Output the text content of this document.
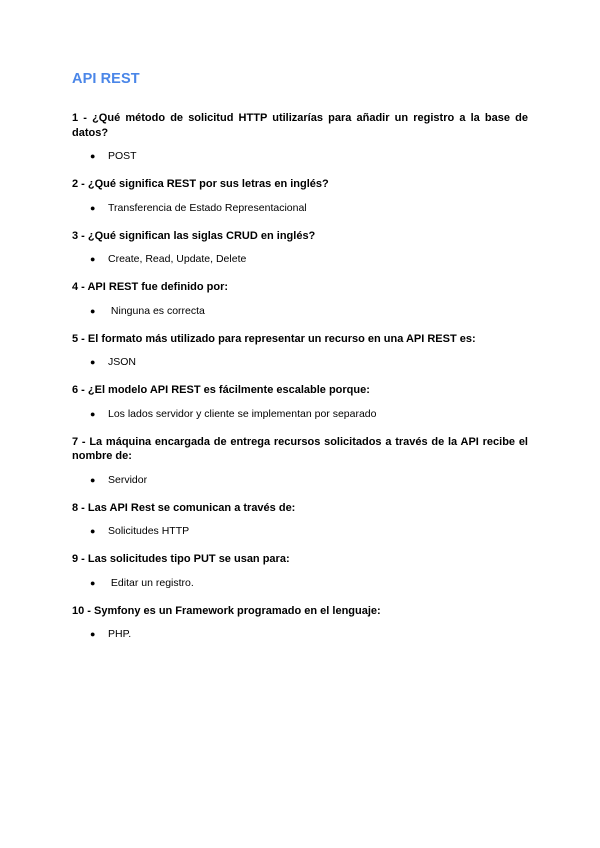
API REST

1 - ¿Qué método de solicitud HTTP utilizarías para añadir un registro a la base de datos?

● POST

2 - ¿Qué significa REST por sus letras en inglés?

● Transferencia de Estado Representacional

3 - ¿Qué significan las siglas CRUD en inglés?

● Create, Read, Update, Delete

4 - API REST fue definido por:

● Ninguna es correcta

5 - El formato más utilizado para representar un recurso en una API REST es:

● JSON

6 - ¿El modelo API REST es fácilmente escalable porque:

● Los lados servidor y cliente se implementan por separado

7 - La máquina encargada de entrega recursos solicitados a través de la API recibe el nombre de:

● Servidor

8 - Las API Rest se comunican a través de:

● Solicitudes HTTP

9 - Las solicitudes tipo PUT se usan para:

● Editar un registro.

10 - Symfony es un Framework programado en el lenguaje:

● PHP.
